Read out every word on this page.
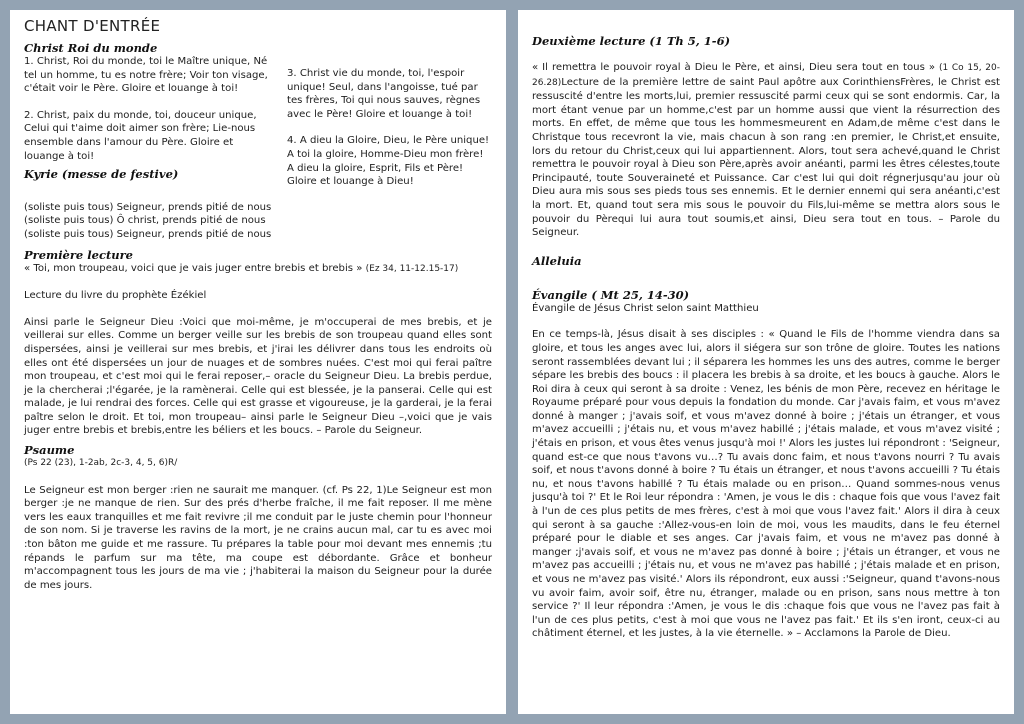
CHANT D'ENTRÉE
Christ Roi du monde

1. Christ, Roi du monde, toi le Maître unique, Né tel un homme, tu es notre frère; Voir ton visage, c'était voir le Père. Gloire et louange à toi!

2. Christ, paix du monde, toi, douceur unique, Celui qui t'aime doit aimer son frère; Lie-nous ensemble dans l'amour du Père. Gloire et louange à toi!

3. Christ vie du monde, toi, l'espoir unique! Seul, dans l'angoisse, tué par tes frères, Toi qui nous sauves, règnes avec le Père! Gloire et louange à toi!

4. A dieu la Gloire, Dieu, le Père unique! A toi la gloire, Homme-Dieu mon frère! A dieu la gloire, Esprit, Fils et Père! Gloire et louange à Dieu!

Kyrie (messe de festive)

(soliste puis tous) Seigneur, prends pitié de nous

(soliste puis tous) Ô christ, prends pitié de nous

(soliste puis tous) Seigneur, prends pitié de nous

Première lecture

« Toi, mon troupeau, voici que je vais juger entre brebis et brebis » (Ez 34, 11-12.15-17)

Lecture du livre du prophète Ézékiel

Ainsi parle le Seigneur Dieu :Voici que moi-même, je m'occuperai de mes brebis, et je veillerai sur elles. Comme un berger veille sur les brebis de son troupeau quand elles sont dispersées, ainsi je veillerai sur mes brebis, et j'irai les délivrer dans tous les endroits où elles ont été dispersées un jour de nuages et de sombres nuées. C'est moi qui ferai paître mon troupeau, et c'est moi qui le ferai reposer,– oracle du Seigneur Dieu. La brebis perdue, je la chercherai ;l'égarée, je la ramènerai. Celle qui est blessée, je la panserai. Celle qui est malade, je lui rendrai des forces. Celle qui est grasse et vigoureuse, je la garderai, je la ferai paître selon le droit. Et toi, mon troupeau– ainsi parle le Seigneur Dieu –,voici que je vais juger entre brebis et brebis,entre les béliers et les boucs. – Parole du Seigneur.

Psaume

(Ps 22 (23), 1-2ab, 2c-3, 4, 5, 6)R/

Le Seigneur est mon berger :rien ne saurait me manquer. (cf. Ps 22, 1)Le Seigneur est mon berger :je ne manque de rien. Sur des prés d'herbe fraîche, il me fait reposer. Il me mène vers les eaux tranquilles et me fait revivre ;il me conduit par le juste chemin pour l'honneur de son nom. Si je traverse les ravins de la mort, je ne crains aucun mal, car tu es avec moi :ton bâton me guide et me rassure. Tu prépares la table pour moi devant mes ennemis ;tu répands le parfum sur ma tête, ma coupe est débordante. Grâce et bonheur m'accompagnent tous les jours de ma vie ; j'habiterai la maison du Seigneur pour la durée de mes jours.

Deuxième lecture (1 Th 5, 1-6)

« Il remettra le pouvoir royal à Dieu le Père, et ainsi, Dieu sera tout en tous » (1 Co 15, 20-26.28)Lecture de la première lettre de saint Paul apôtre aux CorinthiensFrères, le Christ est ressuscité d'entre les morts,lui, premier ressuscité parmi ceux qui se sont endormis. Car, la mort étant venue par un homme,c'est par un homme aussi que vient la résurrection des morts. En effet, de même que tous les hommesmeurent en Adam,de même c'est dans le Christque tous recevront la vie, mais chacun à son rang :en premier, le Christ,et ensuite, lors du retour du Christ,ceux qui lui appartiennent. Alors, tout sera achevé,quand le Christ remettra le pouvoir royal à Dieu son Père,après avoir anéanti, parmi les êtres célestes,toute Principauté, toute Souveraineté et Puissance. Car c'est lui qui doit régnerjusqu'au jour où Dieu aura mis sous ses pieds tous ses ennemis. Et le dernier ennemi qui sera anéanti,c'est la mort. Et, quand tout sera mis sous le pouvoir du Fils,lui-même se mettra alors sous le pouvoir du Pèrequi lui aura tout soumis,et ainsi, Dieu sera tout en tous. – Parole du Seigneur.

Alleluia
Évangile ( Mt 25, 14-30)

Évangile de Jésus Christ selon saint Matthieu

En ce temps-là, Jésus disait à ses disciples : « Quand le Fils de l'homme viendra dans sa gloire, et tous les anges avec lui, alors il siégera sur son trône de gloire. Toutes les nations seront rassemblées devant lui ; il séparera les hommes les uns des autres, comme le berger sépare les brebis des boucs : il placera les brebis à sa droite, et les boucs à gauche. Alors le Roi dira à ceux qui seront à sa droite : Venez, les bénis de mon Père, recevez en héritage le Royaume préparé pour vous depuis la fondation du monde. Car j'avais faim, et vous m'avez donné à manger ; j'avais soif, et vous m'avez donné à boire ; j'étais un étranger, et vous m'avez accueilli ; j'étais nu, et vous m'avez habillé ; j'étais malade, et vous m'avez visité ; j'étais en prison, et vous êtes venus jusqu'à moi !' Alors les justes lui répondront : 'Seigneur, quand est-ce que nous t'avons vu…? Tu avais donc faim, et nous t'avons nourri ? Tu avais soif, et nous t'avons donné à boire ? Tu étais un étranger, et nous t'avons accueilli ? Tu étais nu, et nous t'avons habillé ? Tu étais malade ou en prison… Quand sommes-nous venus jusqu'à toi ?' Et le Roi leur répondra : 'Amen, je vous le dis : chaque fois que vous l'avez fait à l'un de ces plus petits de mes frères, c'est à moi que vous l'avez fait.' Alors il dira à ceux qui seront à sa gauche :'Allez-vous-en loin de moi, vous les maudits, dans le feu éternel préparé pour le diable et ses anges. Car j'avais faim, et vous ne m'avez pas donné à manger ;j'avais soif, et vous ne m'avez pas donné à boire ; j'étais un étranger, et vous ne m'avez pas accueilli ; j'étais nu, et vous ne m'avez pas habillé ; j'étais malade et en prison, et vous ne m'avez pas visité.' Alors ils répondront, eux aussi :'Seigneur, quand t'avons-nous vu avoir faim, avoir soif, être nu, étranger, malade ou en prison, sans nous mettre à ton service ?' Il leur répondra :'Amen, je vous le dis :chaque fois que vous ne l'avez pas fait à l'un de ces plus petits, c'est à moi que vous ne l'avez pas fait.' Et ils s'en iront, ceux-ci au châtiment éternel, et les justes, à la vie éternelle. » – Acclamons la Parole de Dieu.
